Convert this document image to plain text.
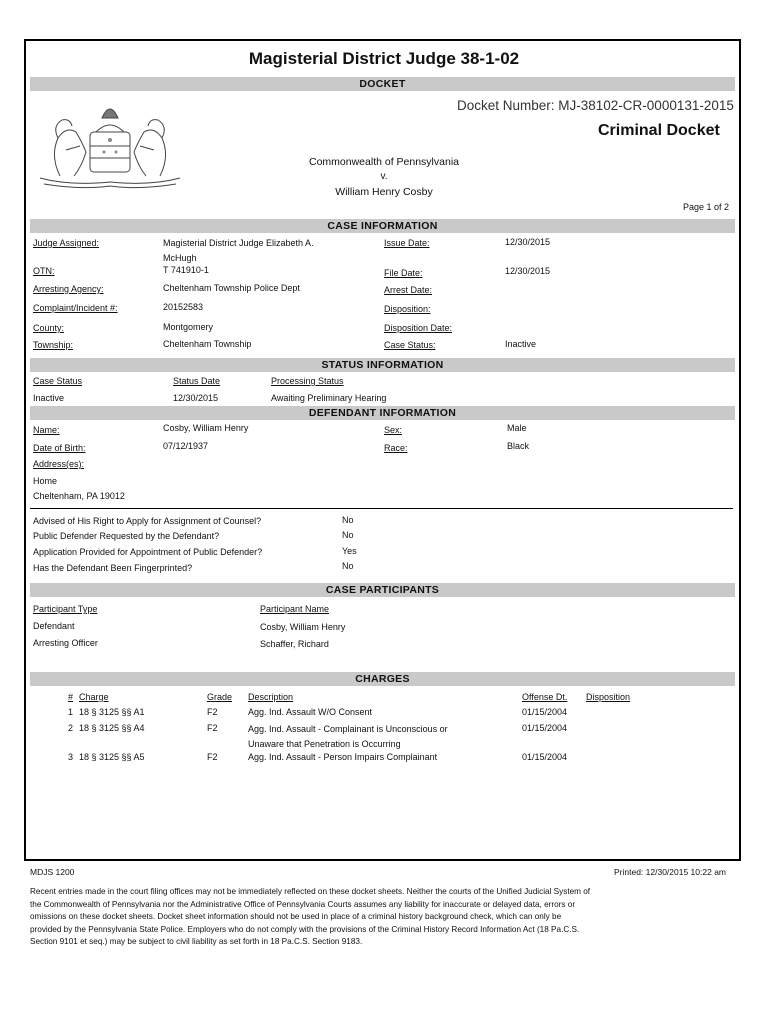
Magisterial District Judge 38-1-02
DOCKET
Docket Number: MJ-38102-CR-0000131-2015
Criminal Docket
Commonwealth of Pennsylvania
v.
William Henry Cosby
Page 1 of 2
CASE INFORMATION
Judge Assigned:	Magisterial District Judge Elizabeth A.
McHugh
Issue Date:	12/30/2015
OTN:	T 741910-1	File Date:	12/30/2015
Arresting Agency:	Cheltenham Township Police Dept	Arrest Date:
Complaint/Incident #:	20152583	Disposition:
County:	Montgomery	Disposition Date:
Township:	Cheltenham Township	Case Status:	Inactive
STATUS INFORMATION
Case Status	Status Date	Processing Status
Inactive	12/30/2015	Awaiting Preliminary Hearing
DEFENDANT INFORMATION
Name:	Cosby, William Henry	Sex:	Male
Date of Birth:	07/12/1937	Race:	Black
Address(es):
Home
Cheltenham, PA 19012
Advised of His Right to Apply for Assignment of Counsel?	No
Public Defender Requested by the Defendant?	No
Application Provided for Appointment of Public Defender?	Yes
Has the Defendant Been Fingerprinted?	No
CASE PARTICIPANTS
Participant Type	Participant Name
Defendant	Cosby, William Henry
Arresting Officer	Schaffer, Richard
CHARGES
# Charge	Grade Description	Offense Dt. Disposition
1 18 § 3125 §§ A1	F2	Agg. Ind. Assault W/O Consent	01/15/2004
2 18 § 3125 §§ A4	F2	Agg. Ind. Assault - Complainant is Unconscious or
Unaware that Penetration is Occurring
01/15/2004
3 18 § 3125 §§ A5	F2	Agg. Ind. Assault - Person Impairs Complainant	01/15/2004
MDJS 1200	Printed: 12/30/2015 10:22 am
Recent entries made in the court filing offices may not be immediately reflected on these docket sheets. Neither the courts of the Unified Judicial System of
the Commonwealth of Pennsylvania nor the Administrative Office of Pennsylvania Courts assumes any liability for inaccurate or delayed data, errors or
omissions on these docket sheets. Docket sheet information should not be used in place of a criminal history background check, which can only be
provided by the Pennsylvania State Police. Employers who do not comply with the provisions of the Criminal History Record Information Act (18 Pa.C.S.
Section 9101 et seq.) may be subject to civil liability as set forth in 18 Pa.C.S. Section 9183.
